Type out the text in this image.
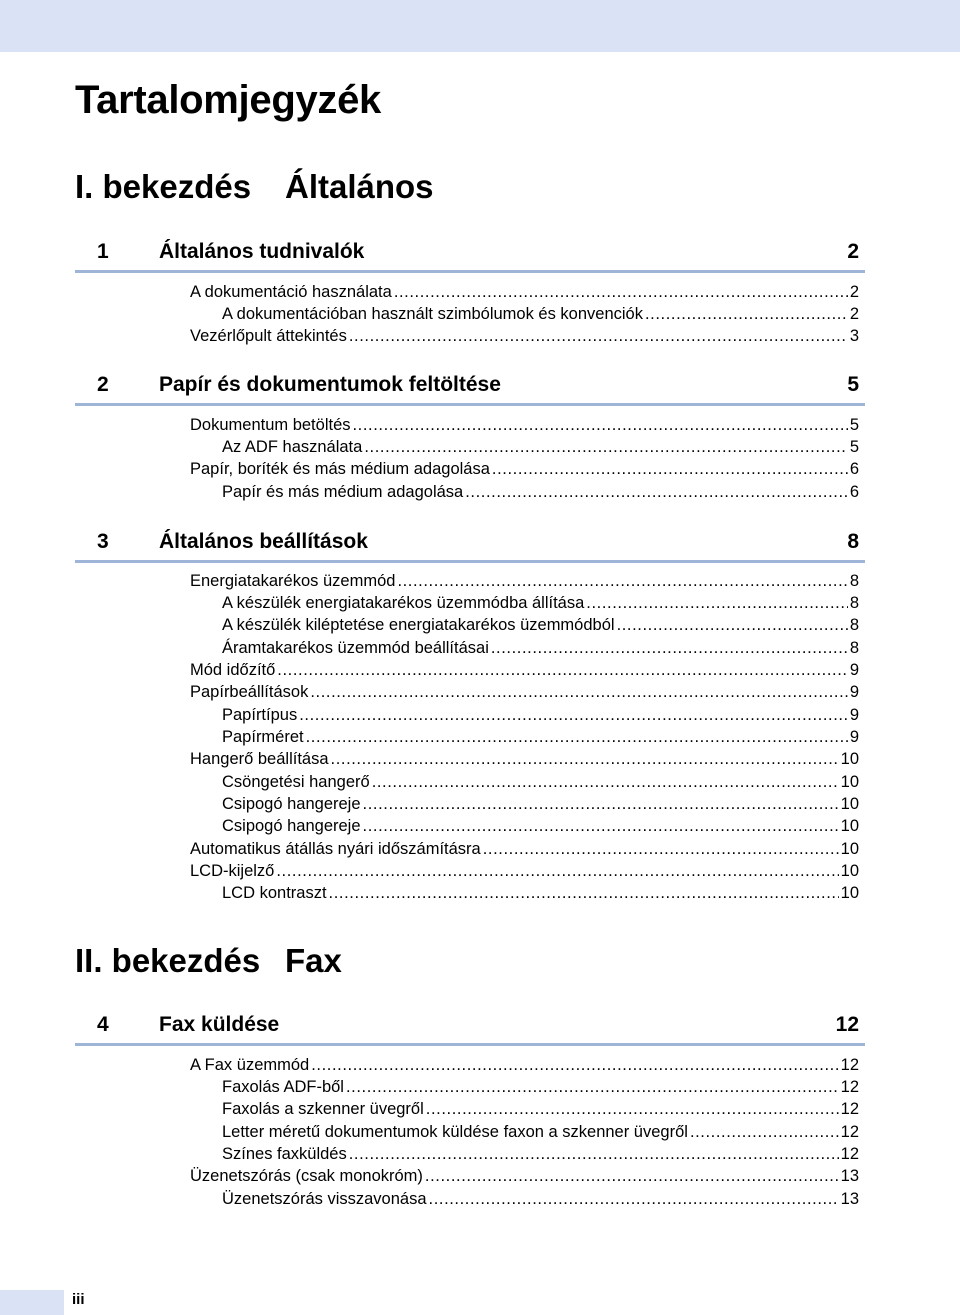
Tartalomjegyzék
I. bekezdés Általános
1 Általános tudnivalók	2
A dokumentáció használata .....	2
A dokumentációban használt szimbólumok és konvenciók .....	2
Vezérlőpult áttekintés .....	3
2 Papír és dokumentumok feltöltése	5
Dokumentum betöltés .....	5
Az ADF használata .....	5
Papír, boríték és más médium adagolása .....	6
Papír és más médium adagolása .....	6
3 Általános beállítások	8
Energiatakarékos üzemmód .....	8
A készülék energiatakarékos üzemmódba állítása .....	8
A készülék kiléptetése energiatakarékos üzemmódból .....	8
Áramtakarékos üzemmód beállításai .....	8
Mód időzítő .....	9
Papírbeállítások .....	9
Papírtípus .....	9
Papírméret .....	9
Hangerő beállítása .....	10
Csöngetési hangerő .....	10
Csipogó hangereje .....	10
Csipogó hangereje .....	10
Automatikus átállás nyári időszámításra .....	10
LCD-kijelző .....	10
LCD kontraszt .....	10
II. bekezdés Fax
4 Fax küldése	12
A Fax üzemmód .....	12
Faxolás ADF-ből .....	12
Faxolás a szkenner üvegről .....	12
Letter méretű dokumentumok küldése faxon a szkenner üvegről .....	12
Színes faxküldés .....	12
Üzenetszórás (csak monokróm) .....	13
Üzenetszórás visszavonása .....	13
iii
